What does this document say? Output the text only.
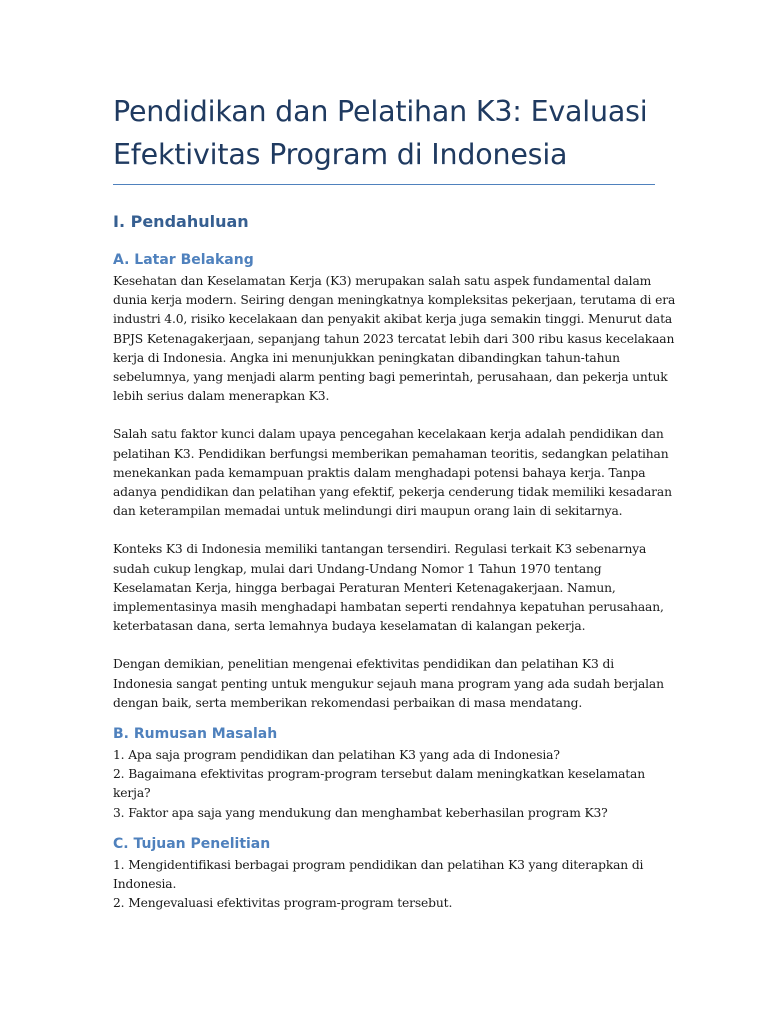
Pendidikan dan Pelatihan K3: Evaluasi
Efektivitas Program di Indonesia
I. Pendahuluan
A. Latar Belakang

Kesehatan dan Keselamatan Kerja (K3) merupakan salah satu aspek fundamental dalam
dunia kerja modern. Seiring dengan meningkatnya kompleksitas pekerjaan, terutama di era
industri 4.0, risiko kecelakaan dan penyakit akibat kerja juga semakin tinggi. Menurut data
BPJS Ketenagakerjaan, sepanjang tahun 2023 tercatat lebih dari 300 ribu kasus kecelakaan
kerja di Indonesia. Angka ini menunjukkan peningkatan dibandingkan tahun-tahun
sebelumnya, yang menjadi alarm penting bagi pemerintah, perusahaan, dan pekerja untuk
lebih serius dalam menerapkan K3.

Salah satu faktor kunci dalam upaya pencegahan kecelakaan kerja adalah pendidikan dan
pelatihan K3. Pendidikan berfungsi memberikan pemahaman teoritis, sedangkan pelatihan
menekankan pada kemampuan praktis dalam menghadapi potensi bahaya kerja. Tanpa
adanya pendidikan dan pelatihan yang efektif, pekerja cenderung tidak memiliki kesadaran
dan keterampilan memadai untuk melindungi diri maupun orang lain di sekitarnya.

Konteks K3 di Indonesia memiliki tantangan tersendiri. Regulasi terkait K3 sebenarnya
sudah cukup lengkap, mulai dari Undang-Undang Nomor 1 Tahun 1970 tentang
Keselamatan Kerja, hingga berbagai Peraturan Menteri Ketenagakerjaan. Namun,
implementasinya masih menghadapi hambatan seperti rendahnya kepatuhan perusahaan,
keterbatasan dana, serta lemahnya budaya keselamatan di kalangan pekerja.

Dengan demikian, penelitian mengenai efektivitas pendidikan dan pelatihan K3 di
Indonesia sangat penting untuk mengukur sejauh mana program yang ada sudah berjalan
dengan baik, serta memberikan rekomendasi perbaikan di masa mendatang.

B. Rumusan Masalah
1. Apa saja program pendidikan dan pelatihan K3 yang ada di Indonesia?
2. Bagaimana efektivitas program-program tersebut dalam meningkatkan keselamatan
kerja?
3. Faktor apa saja yang mendukung dan menghambat keberhasilan program K3?
C. Tujuan Penelitian
1. Mengidentifikasi berbagai program pendidikan dan pelatihan K3 yang diterapkan di
Indonesia.
2. Mengevaluasi efektivitas program-program tersebut.
